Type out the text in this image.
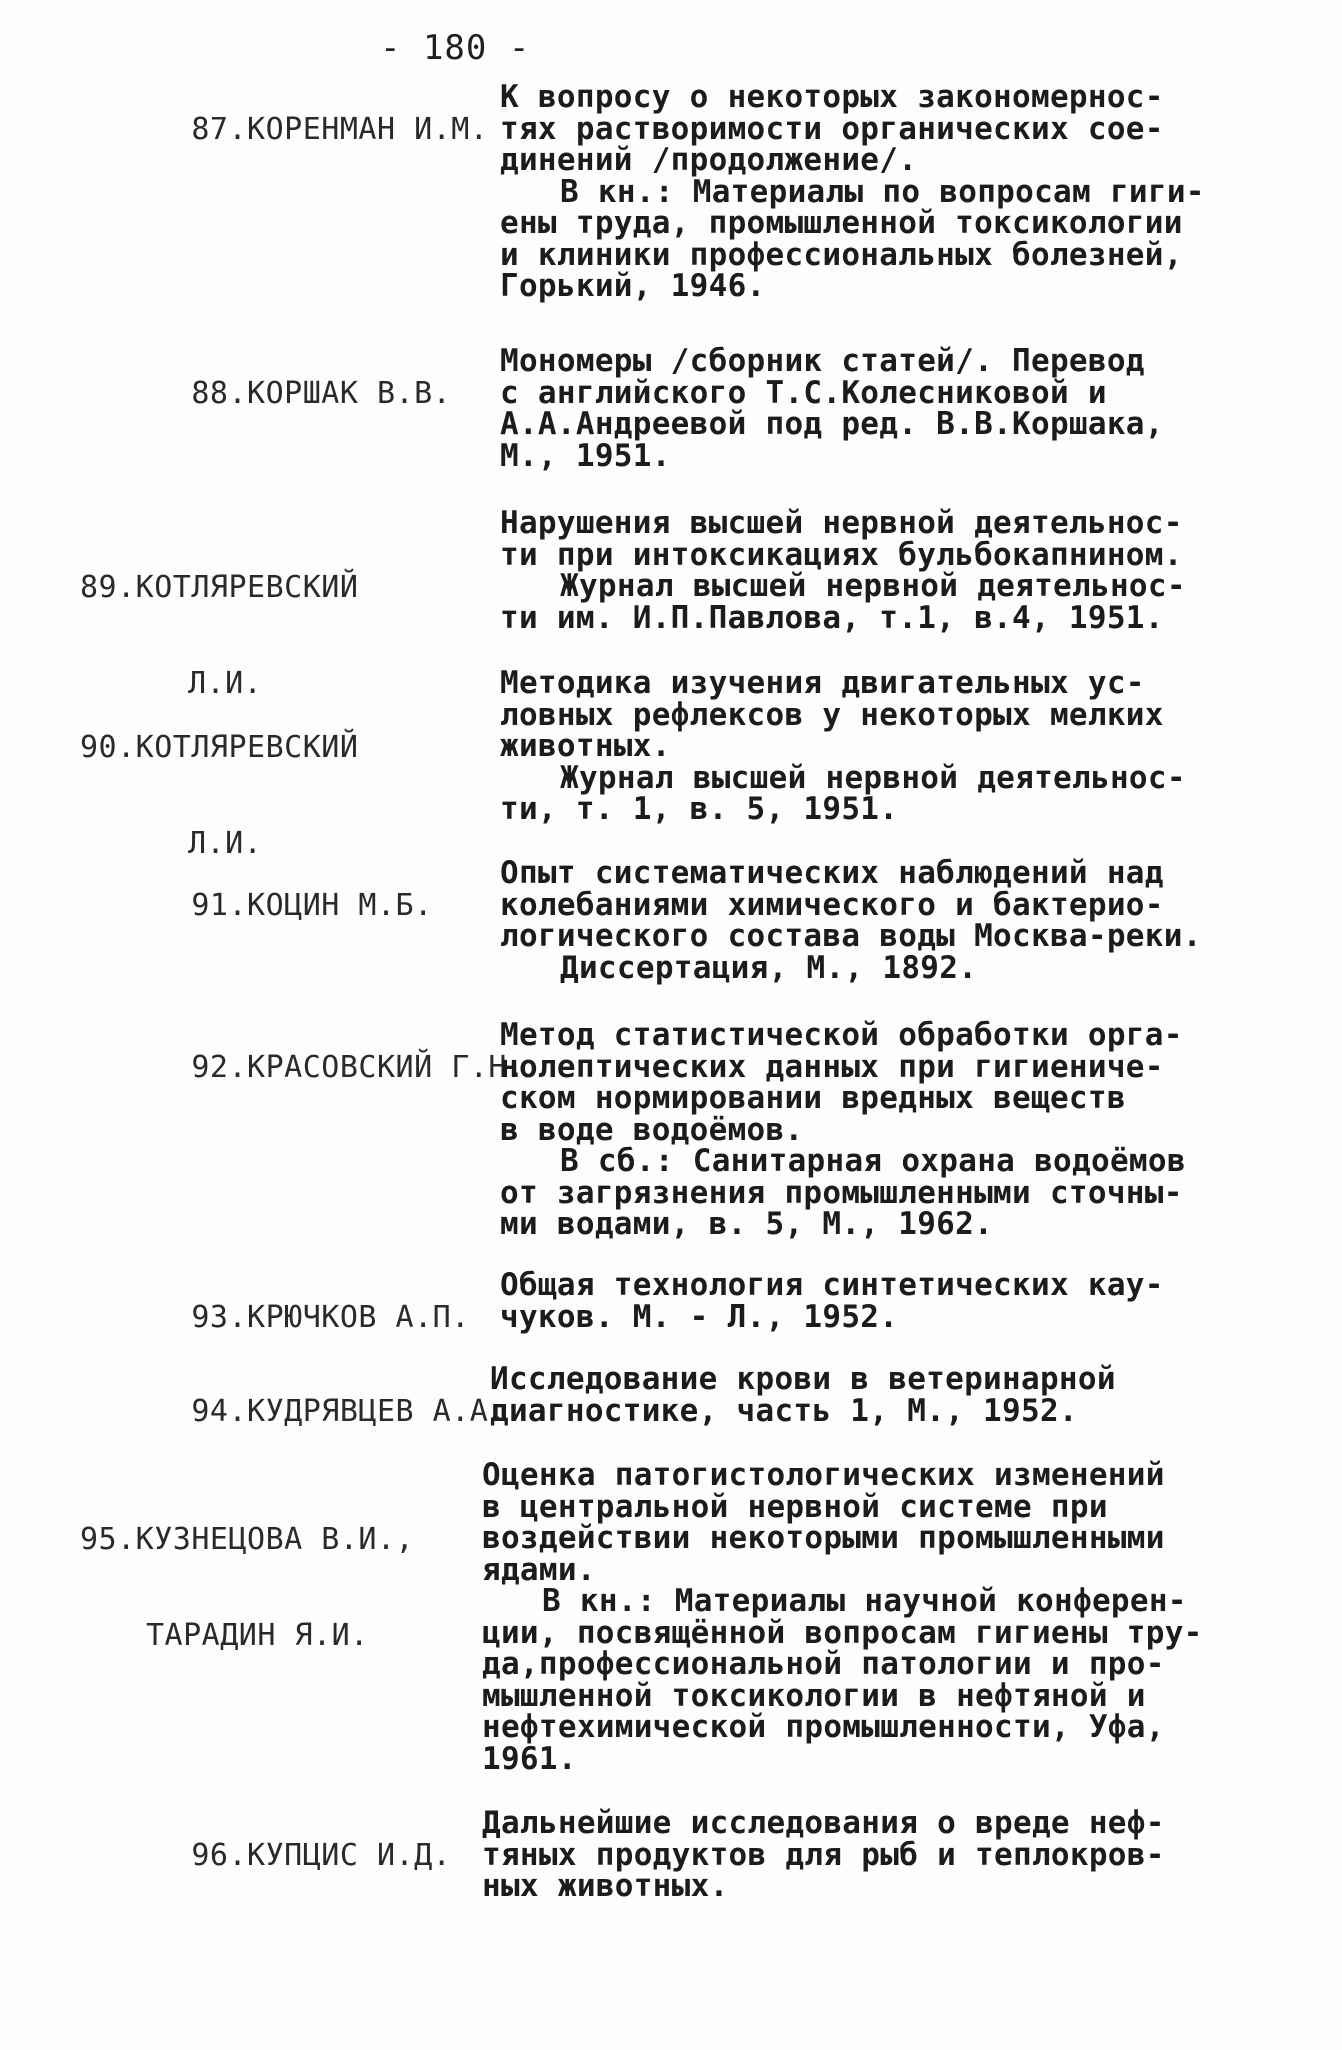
- 180 -

87.КОРЕНМАН И.М.

К вопросу о некоторых закономернос-
тях растворимости органических сое-
динений /продолжение/.
В кн.: Материалы по вопросам гиги-
ены труда, промышленной токсикологии
и клиники профессиональных болезней,
Горький, 1946.

88.КОРШАК В.В.

Мономеры /сборник статей/. Перевод
с английского Т.С.Колесниковой и
А.А.Андреевой под ред. В.В.Коршака,
М., 1951.

89.КОТЛЯРЕВСКИЙ

Л.И.

Нарушения высшей нервной деятельнос-
ти при интоксикациях бульбокапнином.
Журнал высшей нервной деятельнос-
ти им. И.П.Павлова, т.1, в.4, 1951.

90.КОТЛЯРЕВСКИЙ

Л.И.

Методика изучения двигательных ус-
ловных рефлексов у некоторых мелких
животных.
Журнал высшей нервной деятельнос-
ти, т. 1, в. 5, 1951.

91.КОЦИН М.Б.

Опыт систематических наблюдений над
колебаниями химического и бактерио-
логического состава воды Москва-реки.
Диссертация, М., 1892.

92.КРАСОВСКИЙ Г.Н.

Метод статистической обработки орга-
нолептических данных при гигиениче-
ском нормировании вредных веществ
в воде водоёмов.
В сб.: Санитарная охрана водоёмов
от загрязнения промышленными сточны-
ми водами, в. 5, М., 1962.

93.КРЮЧКОВ А.П.

Общая технология синтетических кау-
чуков. М. - Л., 1952.

94.КУДРЯВЦЕВ А.А.

Исследование крови в ветеринарной
диагностике, часть 1, М., 1952.

95.КУЗНЕЦОВА В.И.,

ТАРАДИН Я.И.

Оценка патогистологических изменений
в центральной нервной системе при
воздействии некоторыми промышленными
ядами.
В кн.: Материалы научной конферен-
ции, посвящённой вопросам гигиены тру-
да,профессиональной патологии и про-
мышленной токсикологии в нефтяной и
нефтехимической промышленности, Уфа,
1961.

96.КУПЦИС И.Д.

Дальнейшие исследования о вреде неф-
тяных продуктов для рыб и теплокров-
ных животных.
